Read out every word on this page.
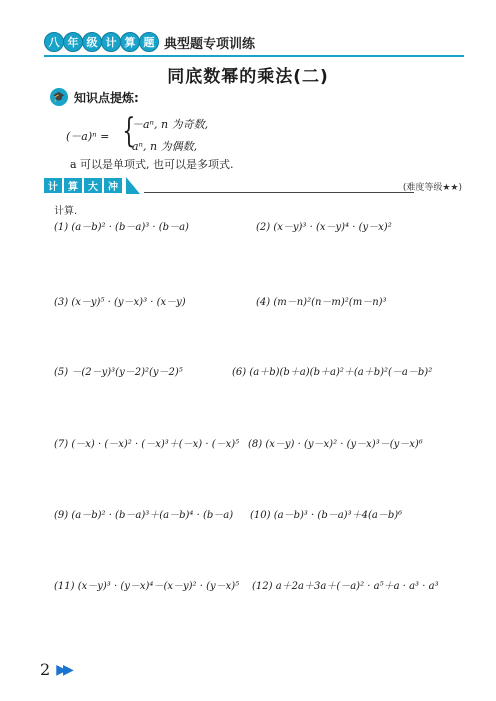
八 年 级 计 算 题 典型题专项训练
同底数幂的乘法(二)
🎓 知识点提炼:
(－a)ⁿ = {
－aⁿ, n 为奇数,
aⁿ, n 为偶数,
a 可以是单项式, 也可以是多项式.
计	算	大	冲	(难度等级★★)
计算.
(1) (a－b)² · (b－a)³ · (b－a)	(2) (x－y)³ · (x－y)⁴ · (y－x)²
(3) (x－y)⁵ · (y－x)³ · (x－y)	(4) (m－n)²(n－m)²(m－n)³
(5) －(2－y)³(y－2)²(y－2)⁵	(6) (a＋b)(b＋a)(b＋a)²＋(a＋b)²(－a－b)²
(7) (－x) · (－x)² · (－x)³＋(－x) · (－x)⁵ (8) (x－y) · (y－x)² · (y－x)³－(y－x)⁶
(9) (a－b)² · (b－a)³＋(a－b)⁴ · (b－a) (10) (a－b)³ · (b－a)³＋4(a－b)⁶
(11) (x－y)³ · (y－x)⁴－(x－y)² · (y－x)⁵ (12) a＋2a＋3a＋(－a)² · a⁵＋a · a³ · a³
2 ▶▶
